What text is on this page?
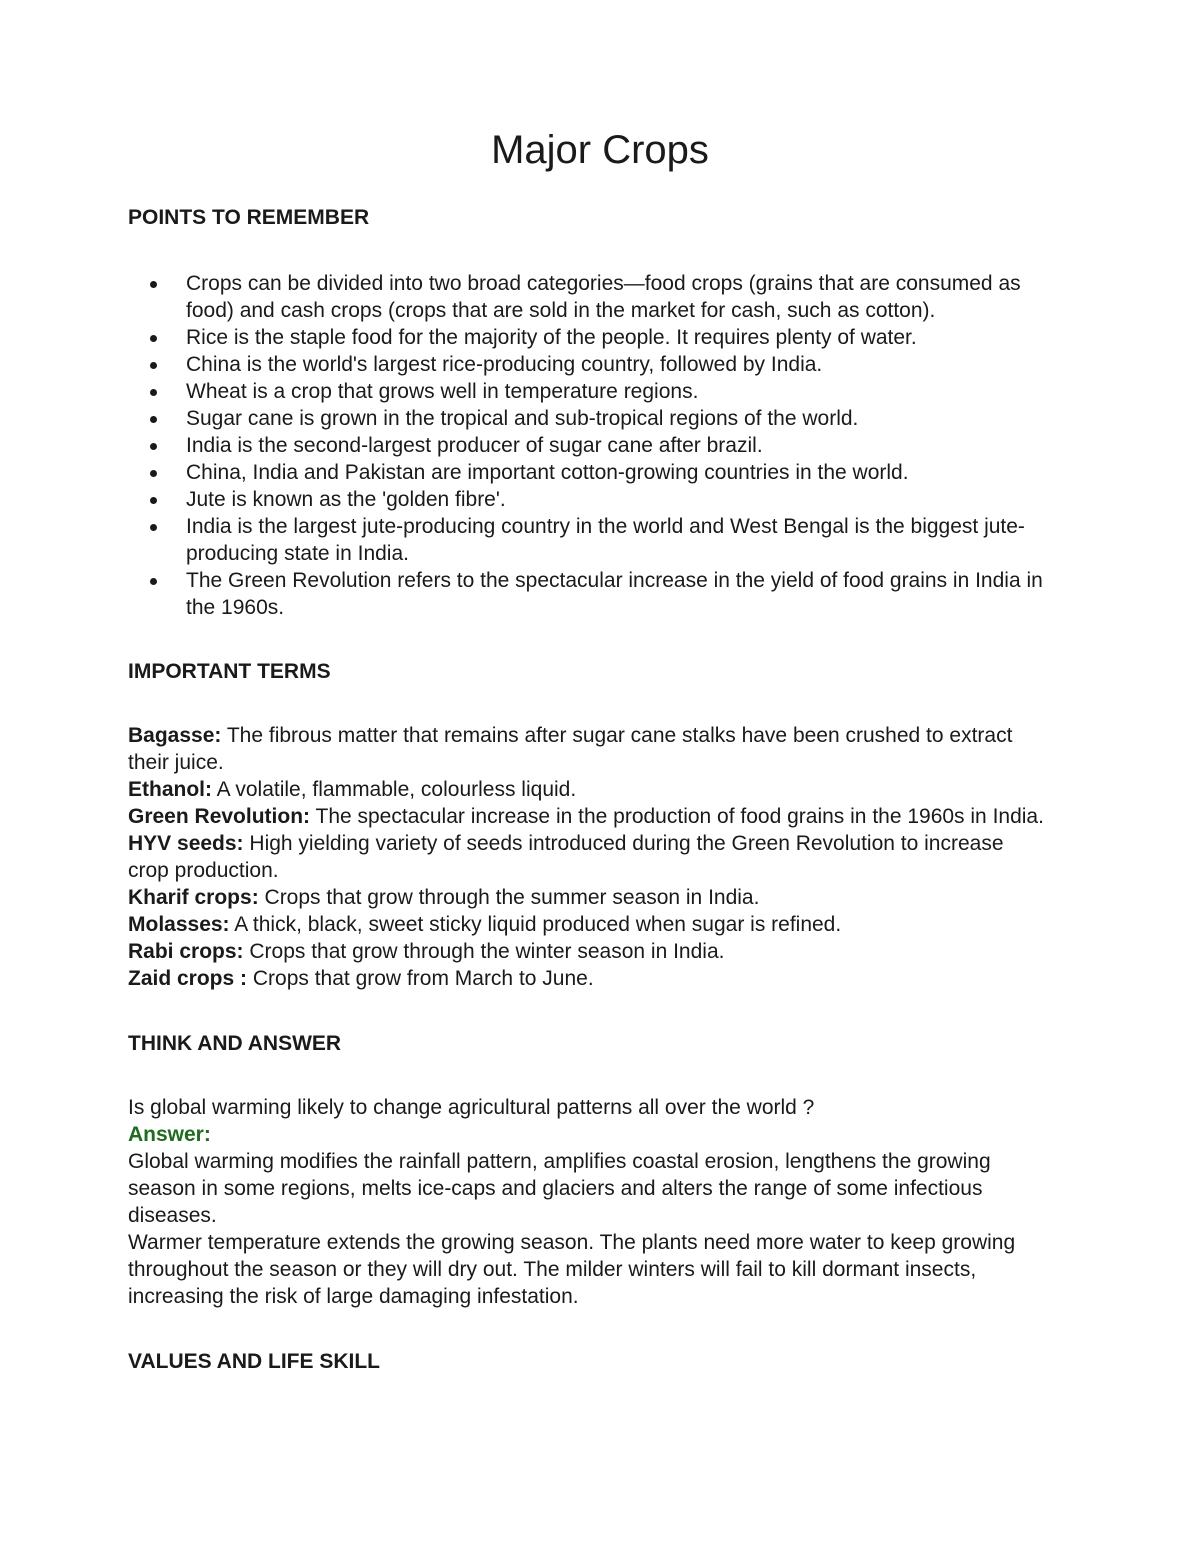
Major Crops

POINTS TO REMEMBER

Crops can be divided into two broad categories—food crops (grains that are consumed as food) and cash crops (crops that are sold in the market for cash, such as cotton).
Rice is the staple food for the majority of the people. It requires plenty of water.
China is the world's largest rice-producing country, followed by India.
Wheat is a crop that grows well in temperature regions.
Sugar cane is grown in the tropical and sub-tropical regions of the world.
India is the second-largest producer of sugar cane after brazil.
China, India and Pakistan are important cotton-growing countries in the world.
Jute is known as the 'golden fibre'.
India is the largest jute-producing country in the world and West Bengal is the biggest jute-producing state in India.
The Green Revolution refers to the spectacular increase in the yield of food grains in India in the 1960s.

IMPORTANT TERMS

Bagasse: The fibrous matter that remains after sugar cane stalks have been crushed to extract their juice.

Ethanol: A volatile, flammable, colourless liquid.

Green Revolution: The spectacular increase in the production of food grains in the 1960s in India.

HYV seeds: High yielding variety of seeds introduced during the Green Revolution to increase crop production.

Kharif crops: Crops that grow through the summer season in India.

Molasses: A thick, black, sweet sticky liquid produced when sugar is refined.

Rabi crops: Crops that grow through the winter season in India.

Zaid crops : Crops that grow from March to June.

THINK AND ANSWER

Is global warming likely to change agricultural patterns all over the world ?

Answer:

Global warming modifies the rainfall pattern, amplifies coastal erosion, lengthens the growing season in some regions, melts ice-caps and glaciers and alters the range of some infectious diseases.

Warmer temperature extends the growing season. The plants need more water to keep growing throughout the season or they will dry out. The milder winters will fail to kill dormant insects, increasing the risk of large damaging infestation.

VALUES AND LIFE SKILL
